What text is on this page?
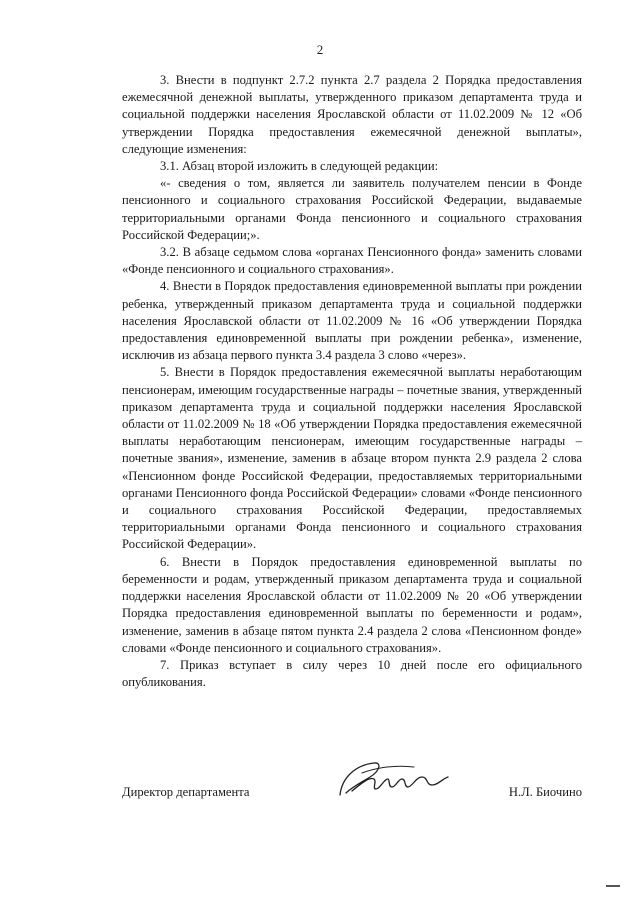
2

3. Внести в подпункт 2.7.2 пункта 2.7 раздела 2 Порядка предоставления ежемесячной денежной выплаты, утвержденного приказом департамента труда и социальной поддержки населения Ярославской области от 11.02.2009 № 12 «Об утверждении Порядка предоставления ежемесячной денежной выплаты», следующие изменения:

3.1. Абзац второй изложить в следующей редакции:

«- сведения о том, является ли заявитель получателем пенсии в Фонде пенсионного и социального страхования Российской Федерации, выдаваемые территориальными органами Фонда пенсионного и социального страхования Российской Федерации;».

3.2. В абзаце седьмом слова «органах Пенсионного фонда» заменить словами «Фонде пенсионного и социального страхования».

4. Внести в Порядок предоставления единовременной выплаты при рождении ребенка, утвержденный приказом департамента труда и социальной поддержки населения Ярославской области от 11.02.2009 № 16 «Об утверждении Порядка предоставления единовременной выплаты при рождении ребенка», изменение, исключив из абзаца первого пункта 3.4 раздела 3 слово «через».

5. Внести в Порядок предоставления ежемесячной выплаты неработающим пенсионерам, имеющим государственные награды – почетные звания, утвержденный приказом департамента труда и социальной поддержки населения Ярославской области от 11.02.2009 № 18 «Об утверждении Порядка предоставления ежемесячной выплаты неработающим пенсионерам, имеющим государственные награды – почетные звания», изменение, заменив в абзаце втором пункта 2.9 раздела 2 слова «Пенсионном фонде Российской Федерации, предоставляемых территориальными органами Пенсионного фонда Российской Федерации» словами «Фонде пенсионного и социального страхования Российской Федерации, предоставляемых территориальными органами Фонда пенсионного и социального страхования Российской Федерации».

6. Внести в Порядок предоставления единовременной выплаты по беременности и родам, утвержденный приказом департамента труда и социальной поддержки населения Ярославской области от 11.02.2009 № 20 «Об утверждении Порядка предоставления единовременной выплаты по беременности и родам», изменение, заменив в абзаце пятом пункта 2.4 раздела 2 слова «Пенсионном фонде» словами «Фонде пенсионного и социального страхования».

7. Приказ вступает в силу через 10 дней после его официального опубликования.

Директор департамента	Н.Л. Биочино
